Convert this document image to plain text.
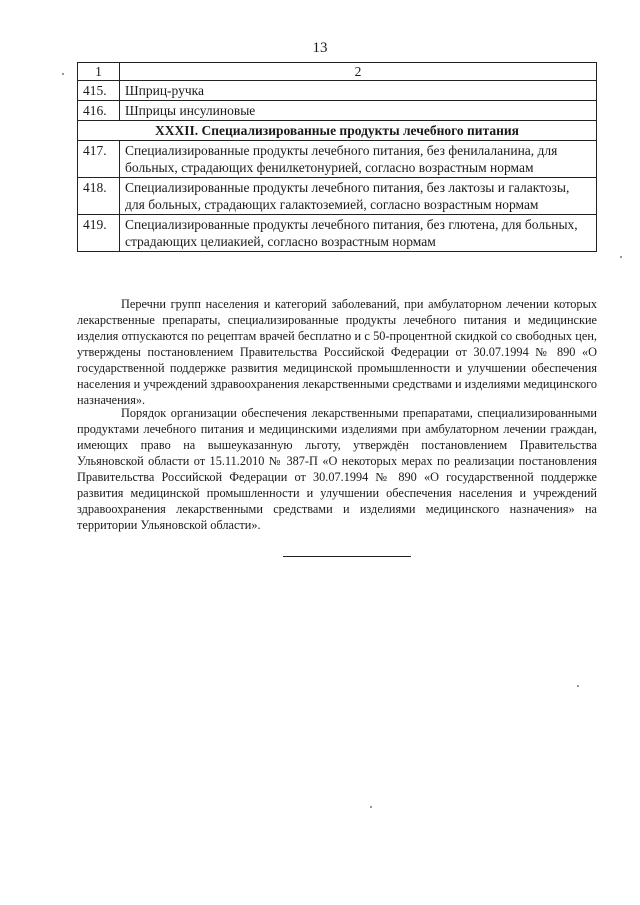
13
1	2
415.	Шприц-ручка
416.	Шприцы инсулиновые
XXXII. Специализированные продукты лечебного питания	
417.	Специализированные продукты лечебного питания, без фенилаланина, для больных, страдающих фенилкетонурией, согласно возрастным нормам
418.	Специализированные продукты лечебного питания, без лактозы и галактозы, для больных, страдающих галактоземией, согласно возрастным нормам
419.	Специализированные продукты лечебного питания, без глютена, для больных, страдающих целиакией, согласно возрастным нормам

Перечни групп населения и категорий заболеваний, при амбулаторном лечении которых лекарственные препараты, специализированные продукты лечебного питания и медицинские изделия отпускаются по рецептам врачей бесплатно и с 50-процентной скидкой со свободных цен, утверждены постановлением Правительства Российской Федерации от 30.07.1994 № 890 «О государственной поддержке развития медицинской промышленности и улучшении обеспечения населения и учреждений здравоохранения лекарственными средствами и изделиями медицинского назначения».

Порядок организации обеспечения лекарственными препаратами, специализированными продуктами лечебного питания и медицинскими изделиями при амбулаторном лечении граждан, имеющих право на вышеуказанную льготу, утверждён постановлением Правительства Ульяновской области от 15.11.2010 № 387-П «О некоторых мерах по реализации постановления Правительства Российской Федерации от 30.07.1994 № 890 «О государственной поддержке развития медицинской промышленности и улучшении обеспечения населения и учреждений здравоохранения лекарственными средствами и изделиями медицинского назначения» на территории Ульяновской области».
